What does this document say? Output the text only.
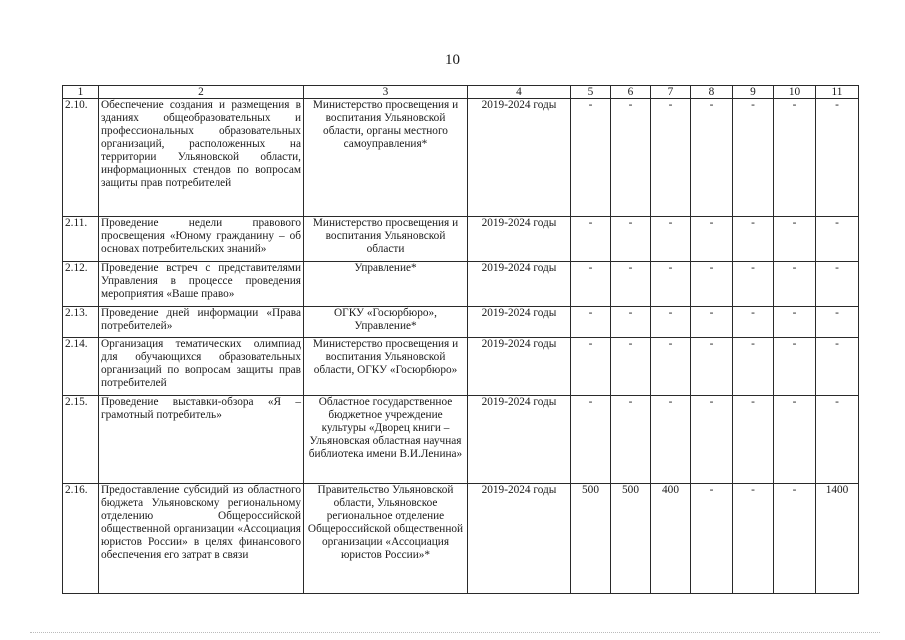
10
1	2	3	4	5	6	7	8	9	10	11
2.10.	Обеспечение создания и размещения в зданиях общеобразовательных и профессиональных образовательных организаций, расположенных на территории Ульяновской области, информационных стендов по вопросам защиты прав потребителей	Министерство просвещения и воспитания Ульяновской области, органы местного самоуправления*	2019-2024 годы	-	-	-	-	-	-	-
2.11.	Проведение недели правового просвещения «Юному гражданину – об основах потребительских знаний»	Министерство просвещения и воспитания Ульяновской области	2019-2024 годы	-	-	-	-	-	-	-
2.12.	Проведение встреч с представителями Управления в процессе проведения мероприятия «Ваше право»	Управление*	2019-2024 годы	-	-	-	-	-	-	-
2.13.	Проведение дней информации «Права потребителей»	ОГКУ «Госюрбюро», Управление*	2019-2024 годы	-	-	-	-	-	-	-
2.14.	Организация тематических олимпиад для обучающихся образовательных организаций по вопросам защиты прав потребителей	Министерство просвещения и воспитания Ульяновской области, ОГКУ «Госюрбюро»	2019-2024 годы	-	-	-	-	-	-	-
2.15.	Проведение выставки-обзора «Я – грамотный потребитель»	Областное государственное бюджетное учреждение культуры «Дворец книги – Ульяновская областная научная библиотека имени В.И.Ленина»	2019-2024 годы	-	-	-	-	-	-	-
2.16.	Предоставление субсидий из областного бюджета Ульяновскому региональному отделению Общероссийской общественной организации «Ассоциация юристов России» в целях финансового обеспечения его затрат в связи	Правительство Ульяновской области, Ульяновское региональное отделение Общероссийской общественной организации «Ассоциация юристов России»*	2019-2024 годы	500	500	400	-	-	-	1400
